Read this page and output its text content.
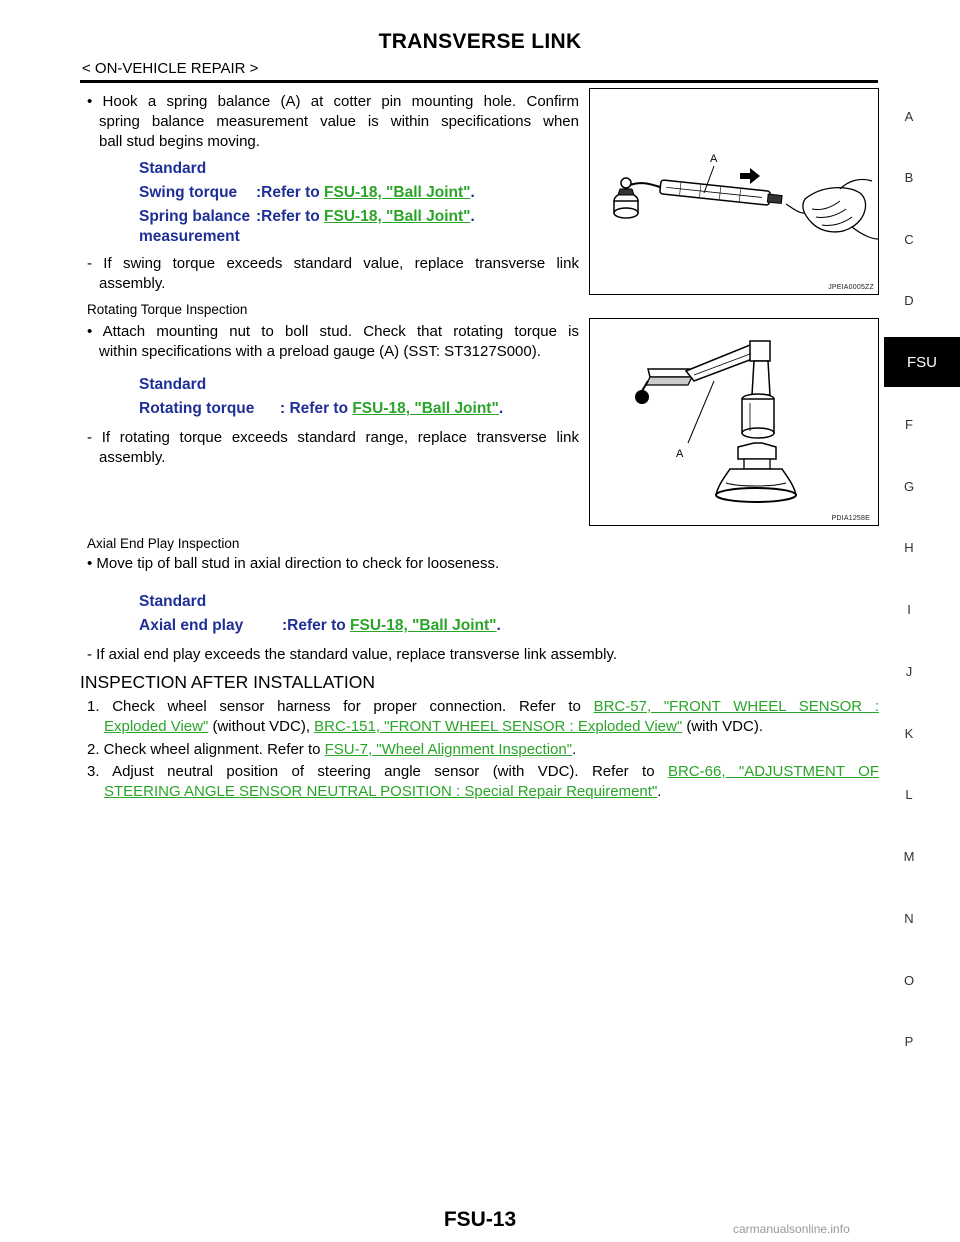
TRANSVERSE LINK
< ON-VEHICLE REPAIR >
A
B
C
D
FSU
F
G
H
I
J
K
L
M
N
O
P
• Hook a spring balance (A) at cotter pin mounting hole. Confirm
spring balance measurement value is within specifications when
ball stud begins moving.
Standard
Swing torque :Refer to FSU-18, "Ball Joint".
Spring balance
measurement
:Refer to FSU-18, "Ball Joint".
- If swing torque exceeds standard value, replace transverse link
assembly.
A
JPEIA0005ZZ
Rotating Torque Inspection
• Attach mounting nut to boll stud. Check that rotating torque is
within specifications with a preload gauge (A) (SST: ST3127S000).
Standard
Rotating torque : Refer to FSU-18, "Ball Joint".
- If rotating torque exceeds standard range, replace transverse link
assembly.	A
PDIA1258E
Axial End Play Inspection
• Move tip of ball stud in axial direction to check for looseness.
Standard
Axial end play	:Refer to FSU-18, "Ball Joint".
- If axial end play exceeds the standard value, replace transverse link assembly.
INSPECTION AFTER INSTALLATION
1. Check wheel sensor harness for proper connection. Refer to BRC-57, "FRONT WHEEL SENSOR :
Exploded View" (without VDC), BRC-151, "FRONT WHEEL SENSOR : Exploded View" (with VDC).
2. Check wheel alignment. Refer to FSU-7, "Wheel Alignment Inspection".
3. Adjust neutral position of steering angle sensor (with VDC). Refer to BRC-66, "ADJUSTMENT OF
STEERING ANGLE SENSOR NEUTRAL POSITION : Special Repair Requirement".
FSU-13	carmanualsonline.info
